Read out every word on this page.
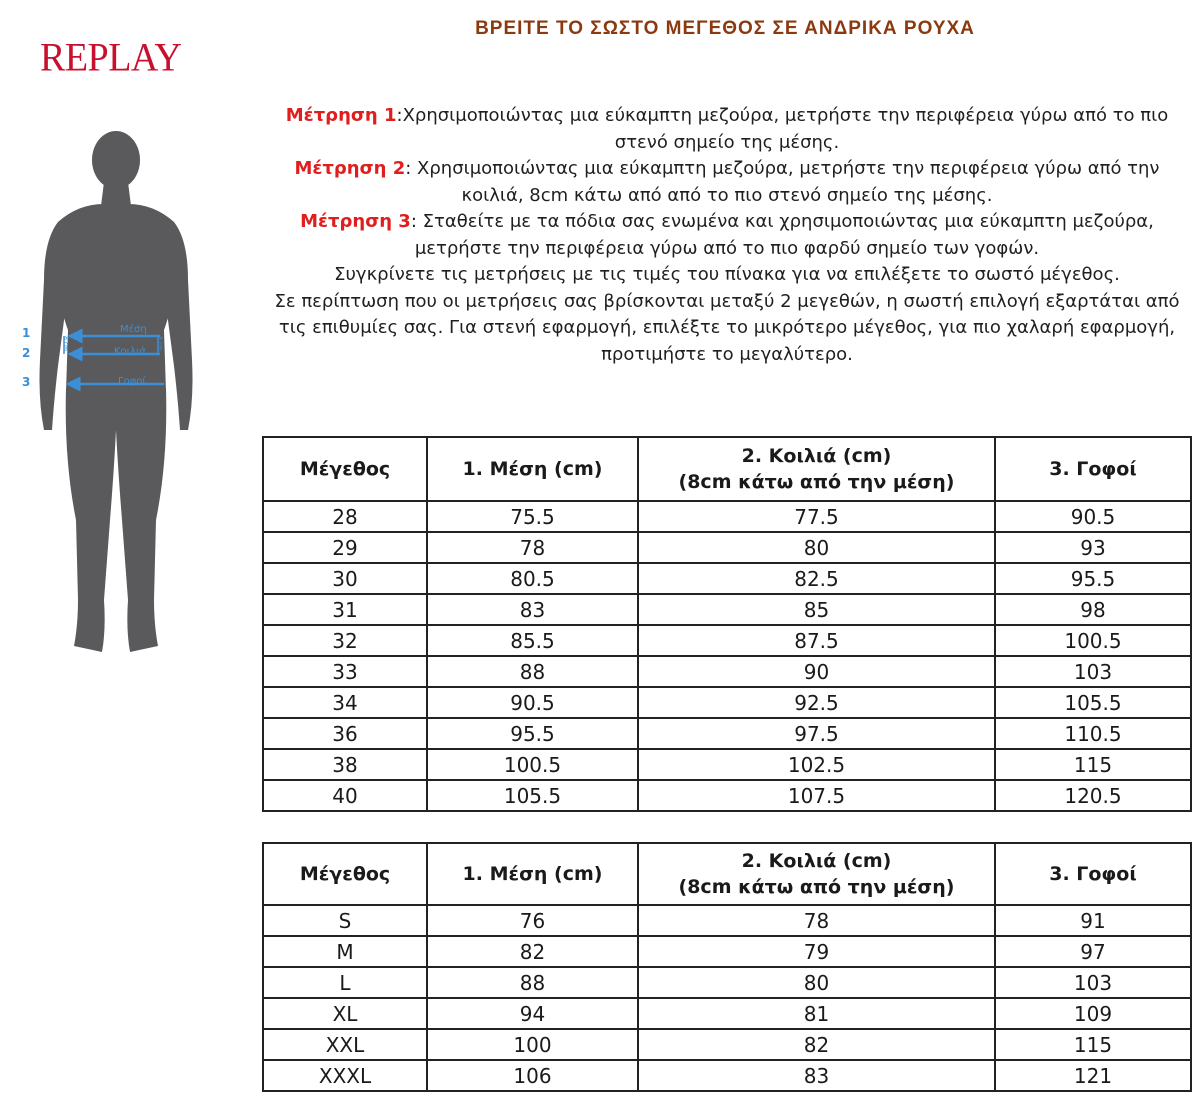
REPLAY
ΒΡΕΙΤΕ ΤΟ ΣΩΣΤΟ ΜΕΓΕΘΟΣ ΣΕ ΑΝΔΡΙΚΑ ΡΟΥΧΑ
Μέτρηση 1:Χρησιμοποιώντας μια εύκαμπτη μεζούρα, μετρήστε την περιφέρεια γύρω από το πιο στενό σημείο της μέσης.
Μέτρηση 2: Χρησιμοποιώντας μια εύκαμπτη μεζούρα, μετρήστε την περιφέρεια γύρω από την κοιλιά, 8cm κάτω από από το πιο στενό σημείο της μέσης.
Μέτρηση 3: Σταθείτε με τα πόδια σας ενωμένα και χρησιμοποιώντας μια εύκαμπτη μεζούρα, μετρήστε την περιφέρεια γύρω από το πιο φαρδύ σημείο των γοφών.
Συγκρίνετε τις μετρήσεις με τις τιμές του πίνακα για να επιλέξετε το σωστό μέγεθος.
Σε περίπτωση που οι μετρήσεις σας βρίσκονται μεταξύ 2 μεγεθών, η σωστή επιλογή εξαρτάται από τις επιθυμίες σας. Για στενή εφαρμογή, επιλέξτε το μικρότερο μέγεθος, για πιο χαλαρή εφαρμογή, προτιμήστε το μεγαλύτερο.
1
2
3
Μέση
Κοιλιά
Γοφοί
8 cm	8 cm
Μέγεθος	1. Μέση (cm)	2. Κοιλιά (cm)
(8cm κάτω από την μέση)	3. Γοφοί
28	75.5	77.5	90.5
29	78	80	93
30	80.5	82.5	95.5
31	83	85	98
32	85.5	87.5	100.5
33	88	90	103
34	90.5	92.5	105.5
36	95.5	97.5	110.5
38	100.5	102.5	115
40	105.5	107.5	120.5
Μέγεθος	1. Μέση (cm)	2. Κοιλιά (cm)
(8cm κάτω από την μέση)	3. Γοφοί
S	76	78	91
M	82	79	97
L	88	80	103
XL	94	81	109
XXL	100	82	115
XXXL	106	83	121
